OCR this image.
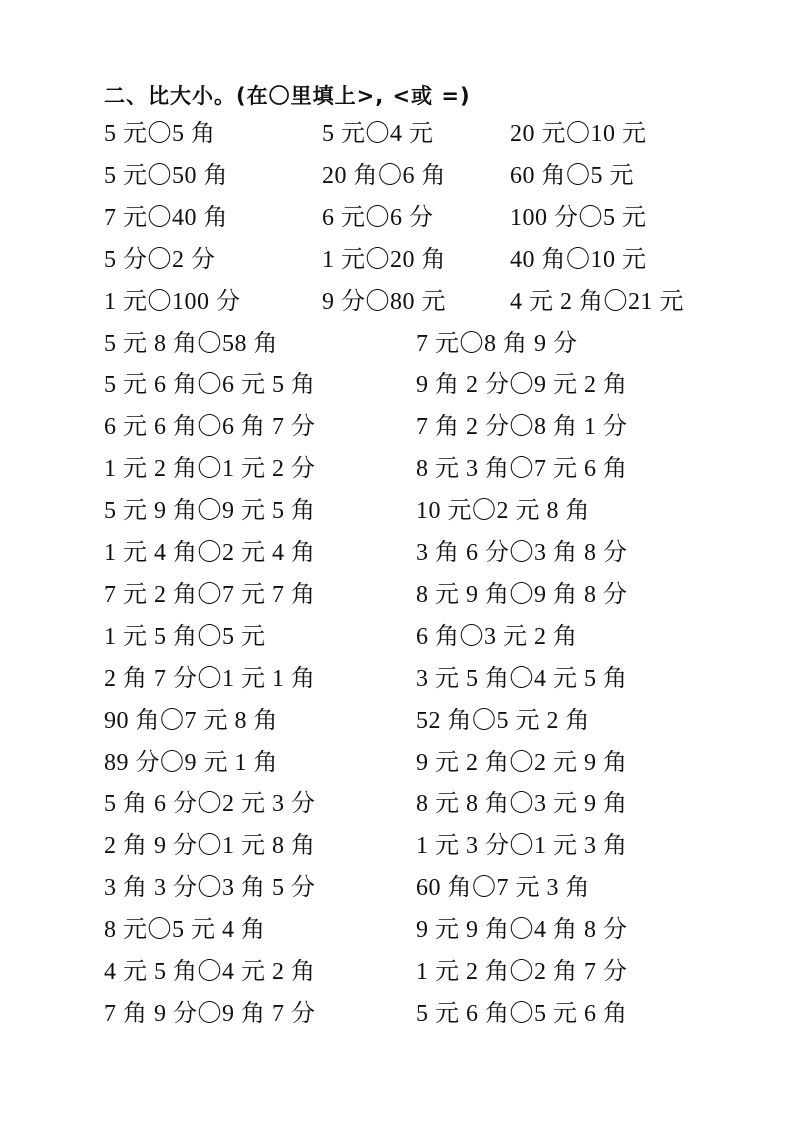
二、比大小。(在〇里填上>, <或 =)
5 元〇5 角	5 元〇4 元	20 元〇10 元
5 元〇50 角	20 角〇6 角	60 角〇5 元
7 元〇40 角	6 元〇6 分	100 分〇5 元
5 分〇2 分	1 元〇20 角	40 角〇10 元
1 元〇100 分	9 分〇80 元	4 元 2 角〇21 元
5 元 8 角〇58 角	7 元〇8 角 9 分
5 元 6 角〇6 元 5 角	9 角 2 分〇9 元 2 角
6 元 6 角〇6 角 7 分	7 角 2 分〇8 角 1 分
1 元 2 角〇1 元 2 分	8 元 3 角〇7 元 6 角
5 元 9 角〇9 元 5 角	10 元〇2 元 8 角
1 元 4 角〇2 元 4 角	3 角 6 分〇3 角 8 分
7 元 2 角〇7 元 7 角	8 元 9 角〇9 角 8 分
1 元 5 角〇5 元	6 角〇3 元 2 角
2 角 7 分〇1 元 1 角	3 元 5 角〇4 元 5 角
90 角〇7 元 8 角	52 角〇5 元 2 角
89 分〇9 元 1 角	9 元 2 角〇2 元 9 角
5 角 6 分〇2 元 3 分	8 元 8 角〇3 元 9 角
2 角 9 分〇1 元 8 角	1 元 3 分〇1 元 3 角
3 角 3 分〇3 角 5 分	60 角〇7 元 3 角
8 元〇5 元 4 角	9 元 9 角〇4 角 8 分
4 元 5 角〇4 元 2 角	1 元 2 角〇2 角 7 分
7 角 9 分〇9 角 7 分	5 元 6 角〇5 元 6 角
